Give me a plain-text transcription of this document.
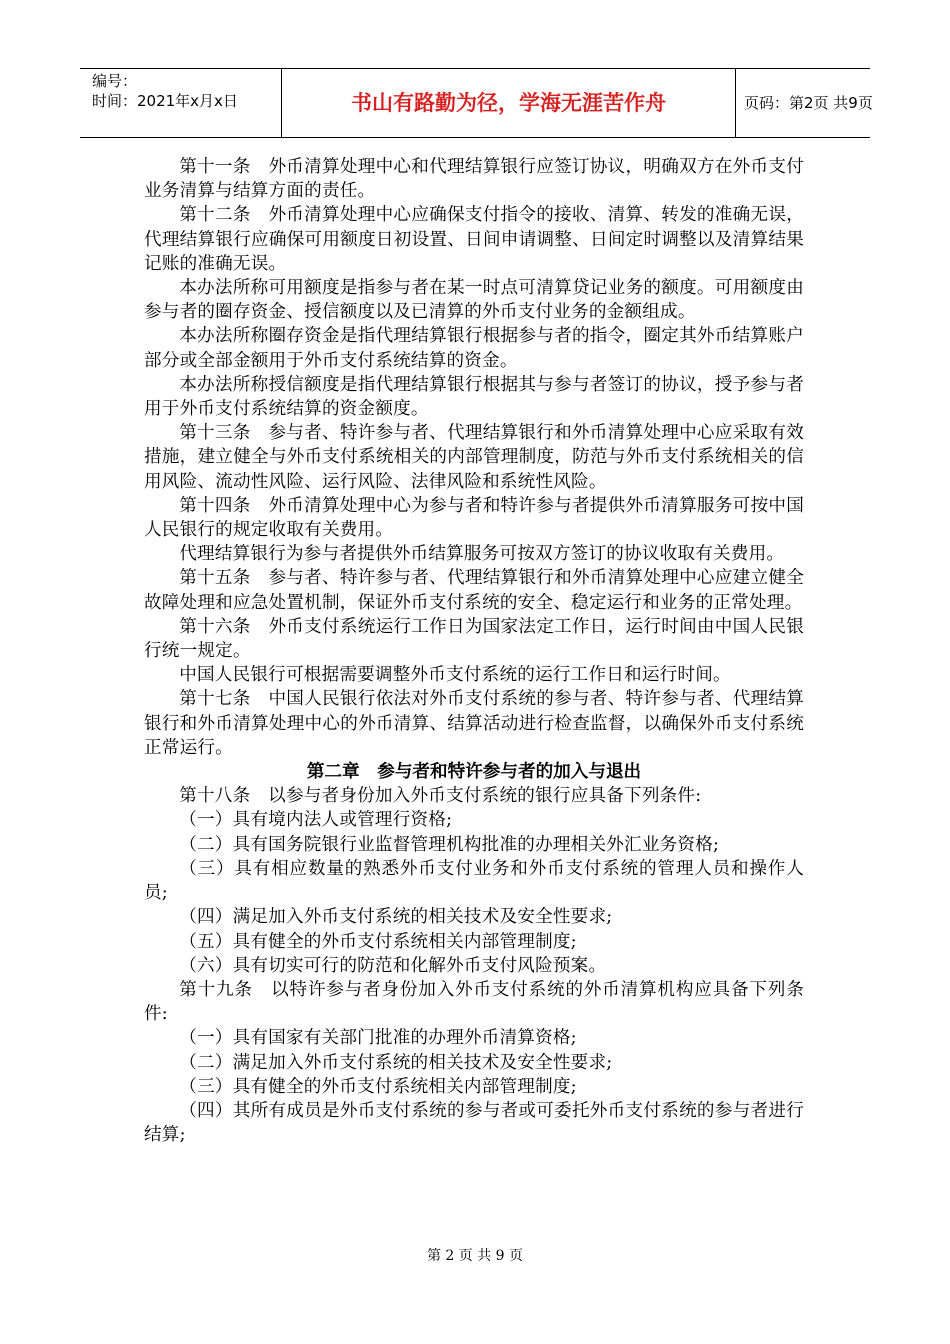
编号：
时间：2021年x月x日	书山有路勤为径，学海无涯苦作舟	页码：第2页 共9页

第十一条　外币清算处理中心和代理结算银行应签订协议，明确双方在外币支付业务清算与结算方面的责任。

第十二条　外币清算处理中心应确保支付指令的接收、清算、转发的准确无误，代理结算银行应确保可用额度日初设置、日间申请调整、日间定时调整以及清算结果记账的准确无误。

本办法所称可用额度是指参与者在某一时点可清算贷记业务的额度。可用额度由参与者的圈存资金、授信额度以及已清算的外币支付业务的金额组成。

本办法所称圈存资金是指代理结算银行根据参与者的指令，圈定其外币结算账户部分或全部金额用于外币支付系统结算的资金。

本办法所称授信额度是指代理结算银行根据其与参与者签订的协议，授予参与者用于外币支付系统结算的资金额度。

第十三条　参与者、特许参与者、代理结算银行和外币清算处理中心应采取有效措施，建立健全与外币支付系统相关的内部管理制度，防范与外币支付系统相关的信用风险、流动性风险、运行风险、法律风险和系统性风险。

第十四条　外币清算处理中心为参与者和特许参与者提供外币清算服务可按中国人民银行的规定收取有关费用。

代理结算银行为参与者提供外币结算服务可按双方签订的协议收取有关费用。

第十五条　参与者、特许参与者、代理结算银行和外币清算处理中心应建立健全故障处理和应急处置机制，保证外币支付系统的安全、稳定运行和业务的正常处理。

第十六条　外币支付系统运行工作日为国家法定工作日，运行时间由中国人民银行统一规定。

中国人民银行可根据需要调整外币支付系统的运行工作日和运行时间。

第十七条　中国人民银行依法对外币支付系统的参与者、特许参与者、代理结算银行和外币清算处理中心的外币清算、结算活动进行检查监督，以确保外币支付系统正常运行。

第二章　参与者和特许参与者的加入与退出

第十八条　以参与者身份加入外币支付系统的银行应具备下列条件:

（一）具有境内法人或管理行资格;

（二）具有国务院银行业监督管理机构批准的办理相关外汇业务资格;

（三）具有相应数量的熟悉外币支付业务和外币支付系统的管理人员和操作人员;

（四）满足加入外币支付系统的相关技术及安全性要求;

（五）具有健全的外币支付系统相关内部管理制度;

（六）具有切实可行的防范和化解外币支付风险预案。

第十九条　以特许参与者身份加入外币支付系统的外币清算机构应具备下列条件:

（一）具有国家有关部门批准的办理外币清算资格;

（二）满足加入外币支付系统的相关技术及安全性要求;

（三）具有健全的外币支付系统相关内部管理制度;

（四）其所有成员是外币支付系统的参与者或可委托外币支付系统的参与者进行结算;

第 2 页 共 9 页
